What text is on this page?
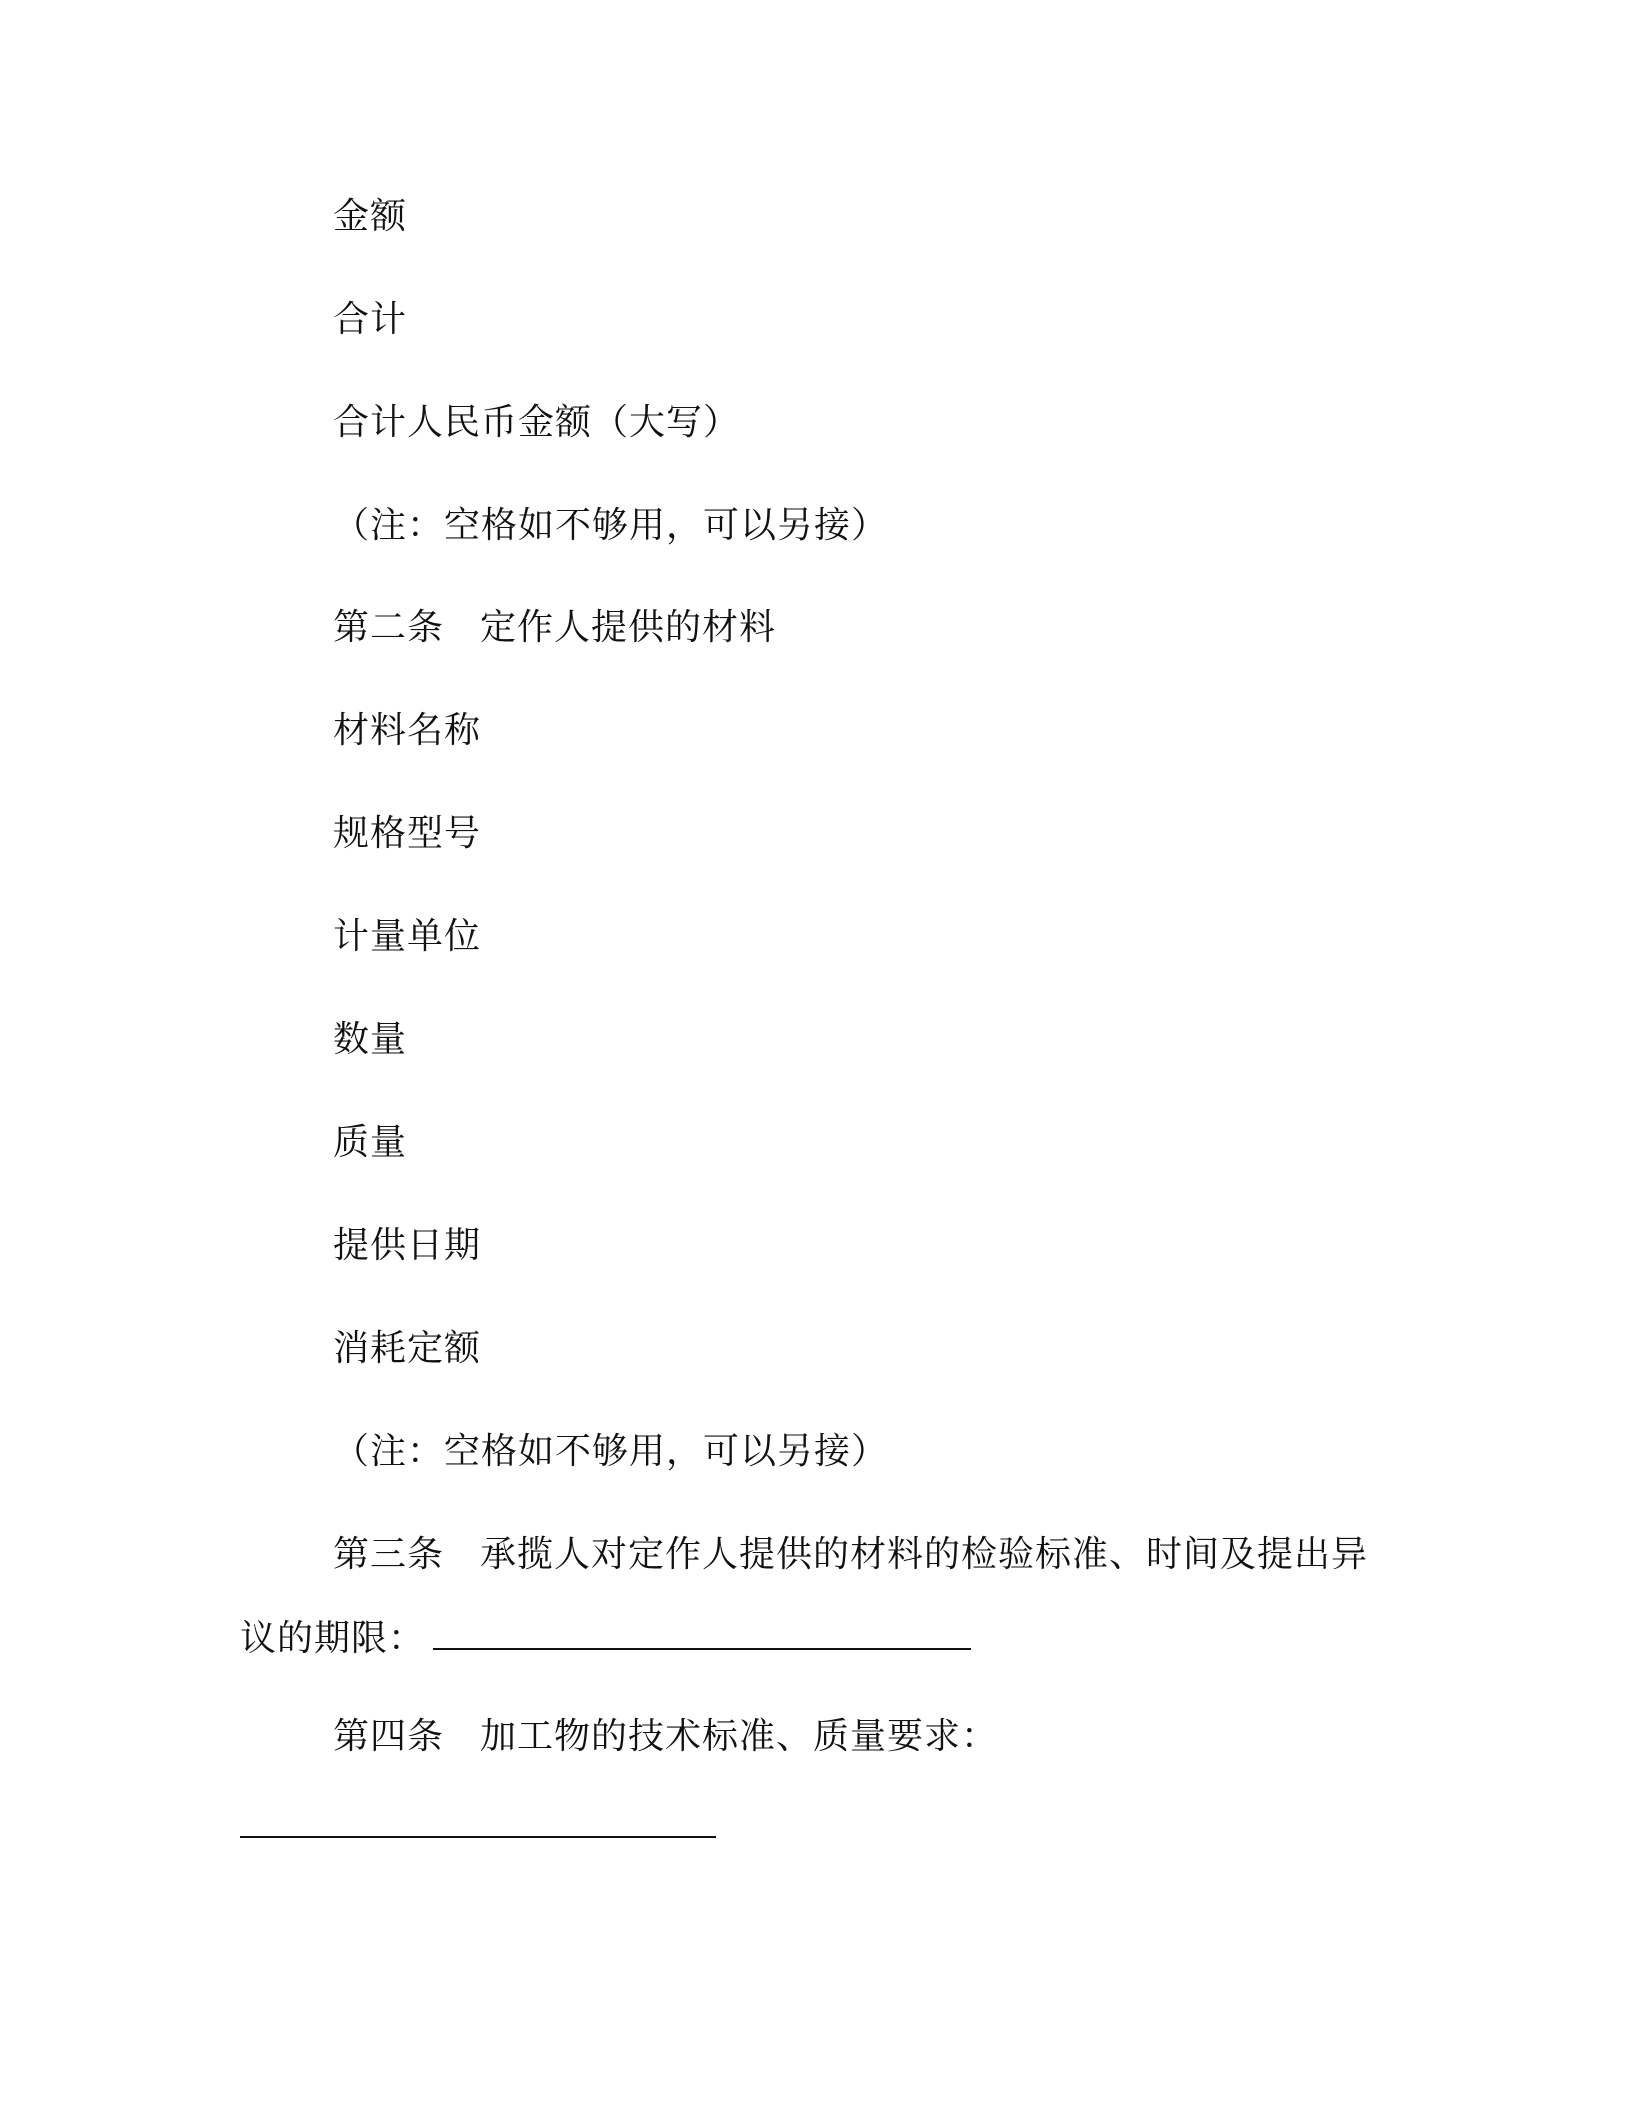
金额
合计
合计人民币金额（大写）
（注：空格如不够用，可以另接）
第二条 定作人提供的材料
材料名称
规格型号
计量单位
数量
质量
提供日期
消耗定额
（注：空格如不够用，可以另接）
第三条 承揽人对定作人提供的材料的检验标准、时间及提出异
议的期限：
第四条 加工物的技术标准、质量要求：
